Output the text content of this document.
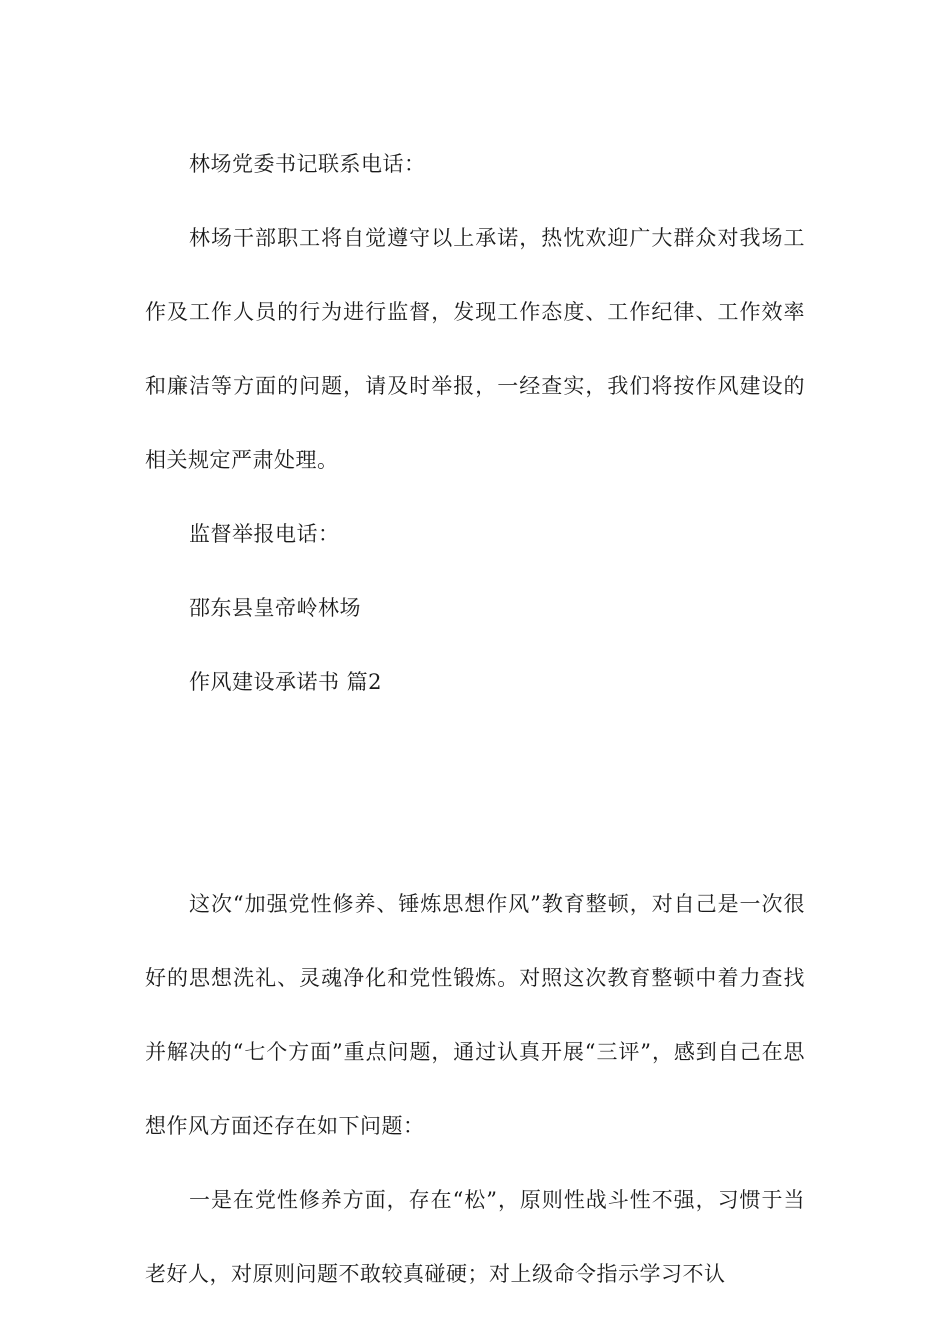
林场党委书记联系电话：

林场干部职工将自觉遵守以上承诺，热忱欢迎广大群众对我场工作及工作人员的行为进行监督，发现工作态度、工作纪律、工作效率和廉洁等方面的问题，请及时举报，一经查实，我们将按作风建设的相关规定严肃处理。

监督举报电话：

邵东县皇帝岭林场

作风建设承诺书 篇2

这次“加强党性修养、锤炼思想作风”教育整顿，对自己是一次很好的思想洗礼、灵魂净化和党性锻炼。对照这次教育整顿中着力查找并解决的“七个方面”重点问题，通过认真开展“三评”，感到自己在思想作风方面还存在如下问题：

一是在党性修养方面，存在“松”，原则性战斗性不强，习惯于当老好人，对原则问题不敢较真碰硬；对上级命令指示学习不认
